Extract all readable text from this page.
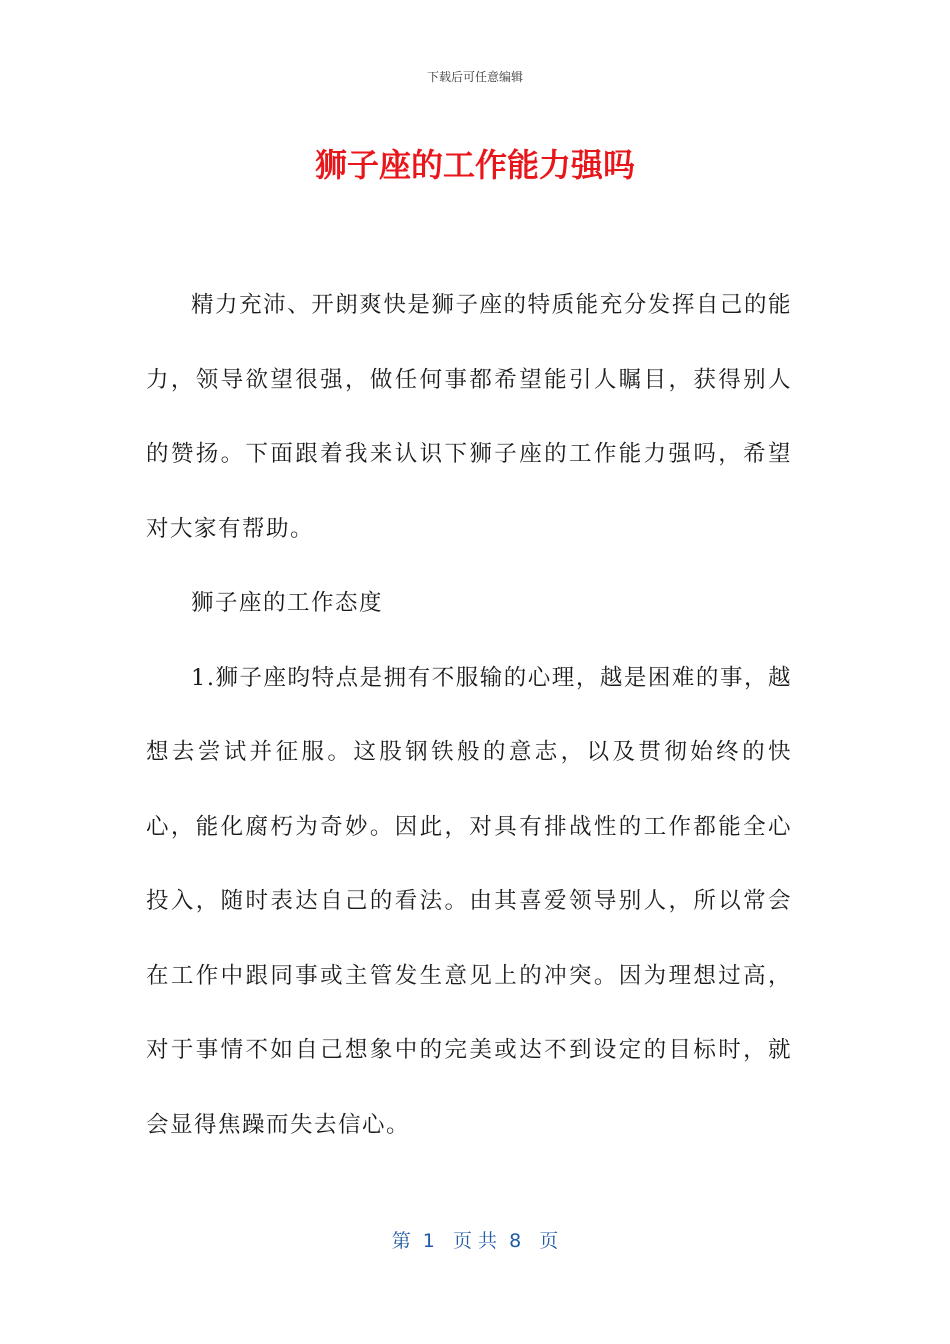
下载后可任意编辑
狮子座的工作能力强吗

精力充沛、开朗爽快是狮子座的特质能充分发挥自己的能力，领导欲望很强，做任何事都希望能引人瞩目，获得别人的赞扬。下面跟着我来认识下狮子座的工作能力强吗，希望对大家有帮助。

狮子座的工作态度

1.狮子座昀特点是拥有不服输的心理，越是困难的事，越想去尝试并征服。这股钢铁般的意志，以及贯彻始终的快心，能化腐朽为奇妙。因此，对具有排战性的工作都能全心投入，随时表达自己的看法。由其喜爱领导别人，所以常会在工作中跟同事或主管发生意见上的冲突。因为理想过高，对于事情不如自己想象中的完美或达不到设定的目标时，就会显得焦躁而失去信心。

第  1   页 共  8   页
